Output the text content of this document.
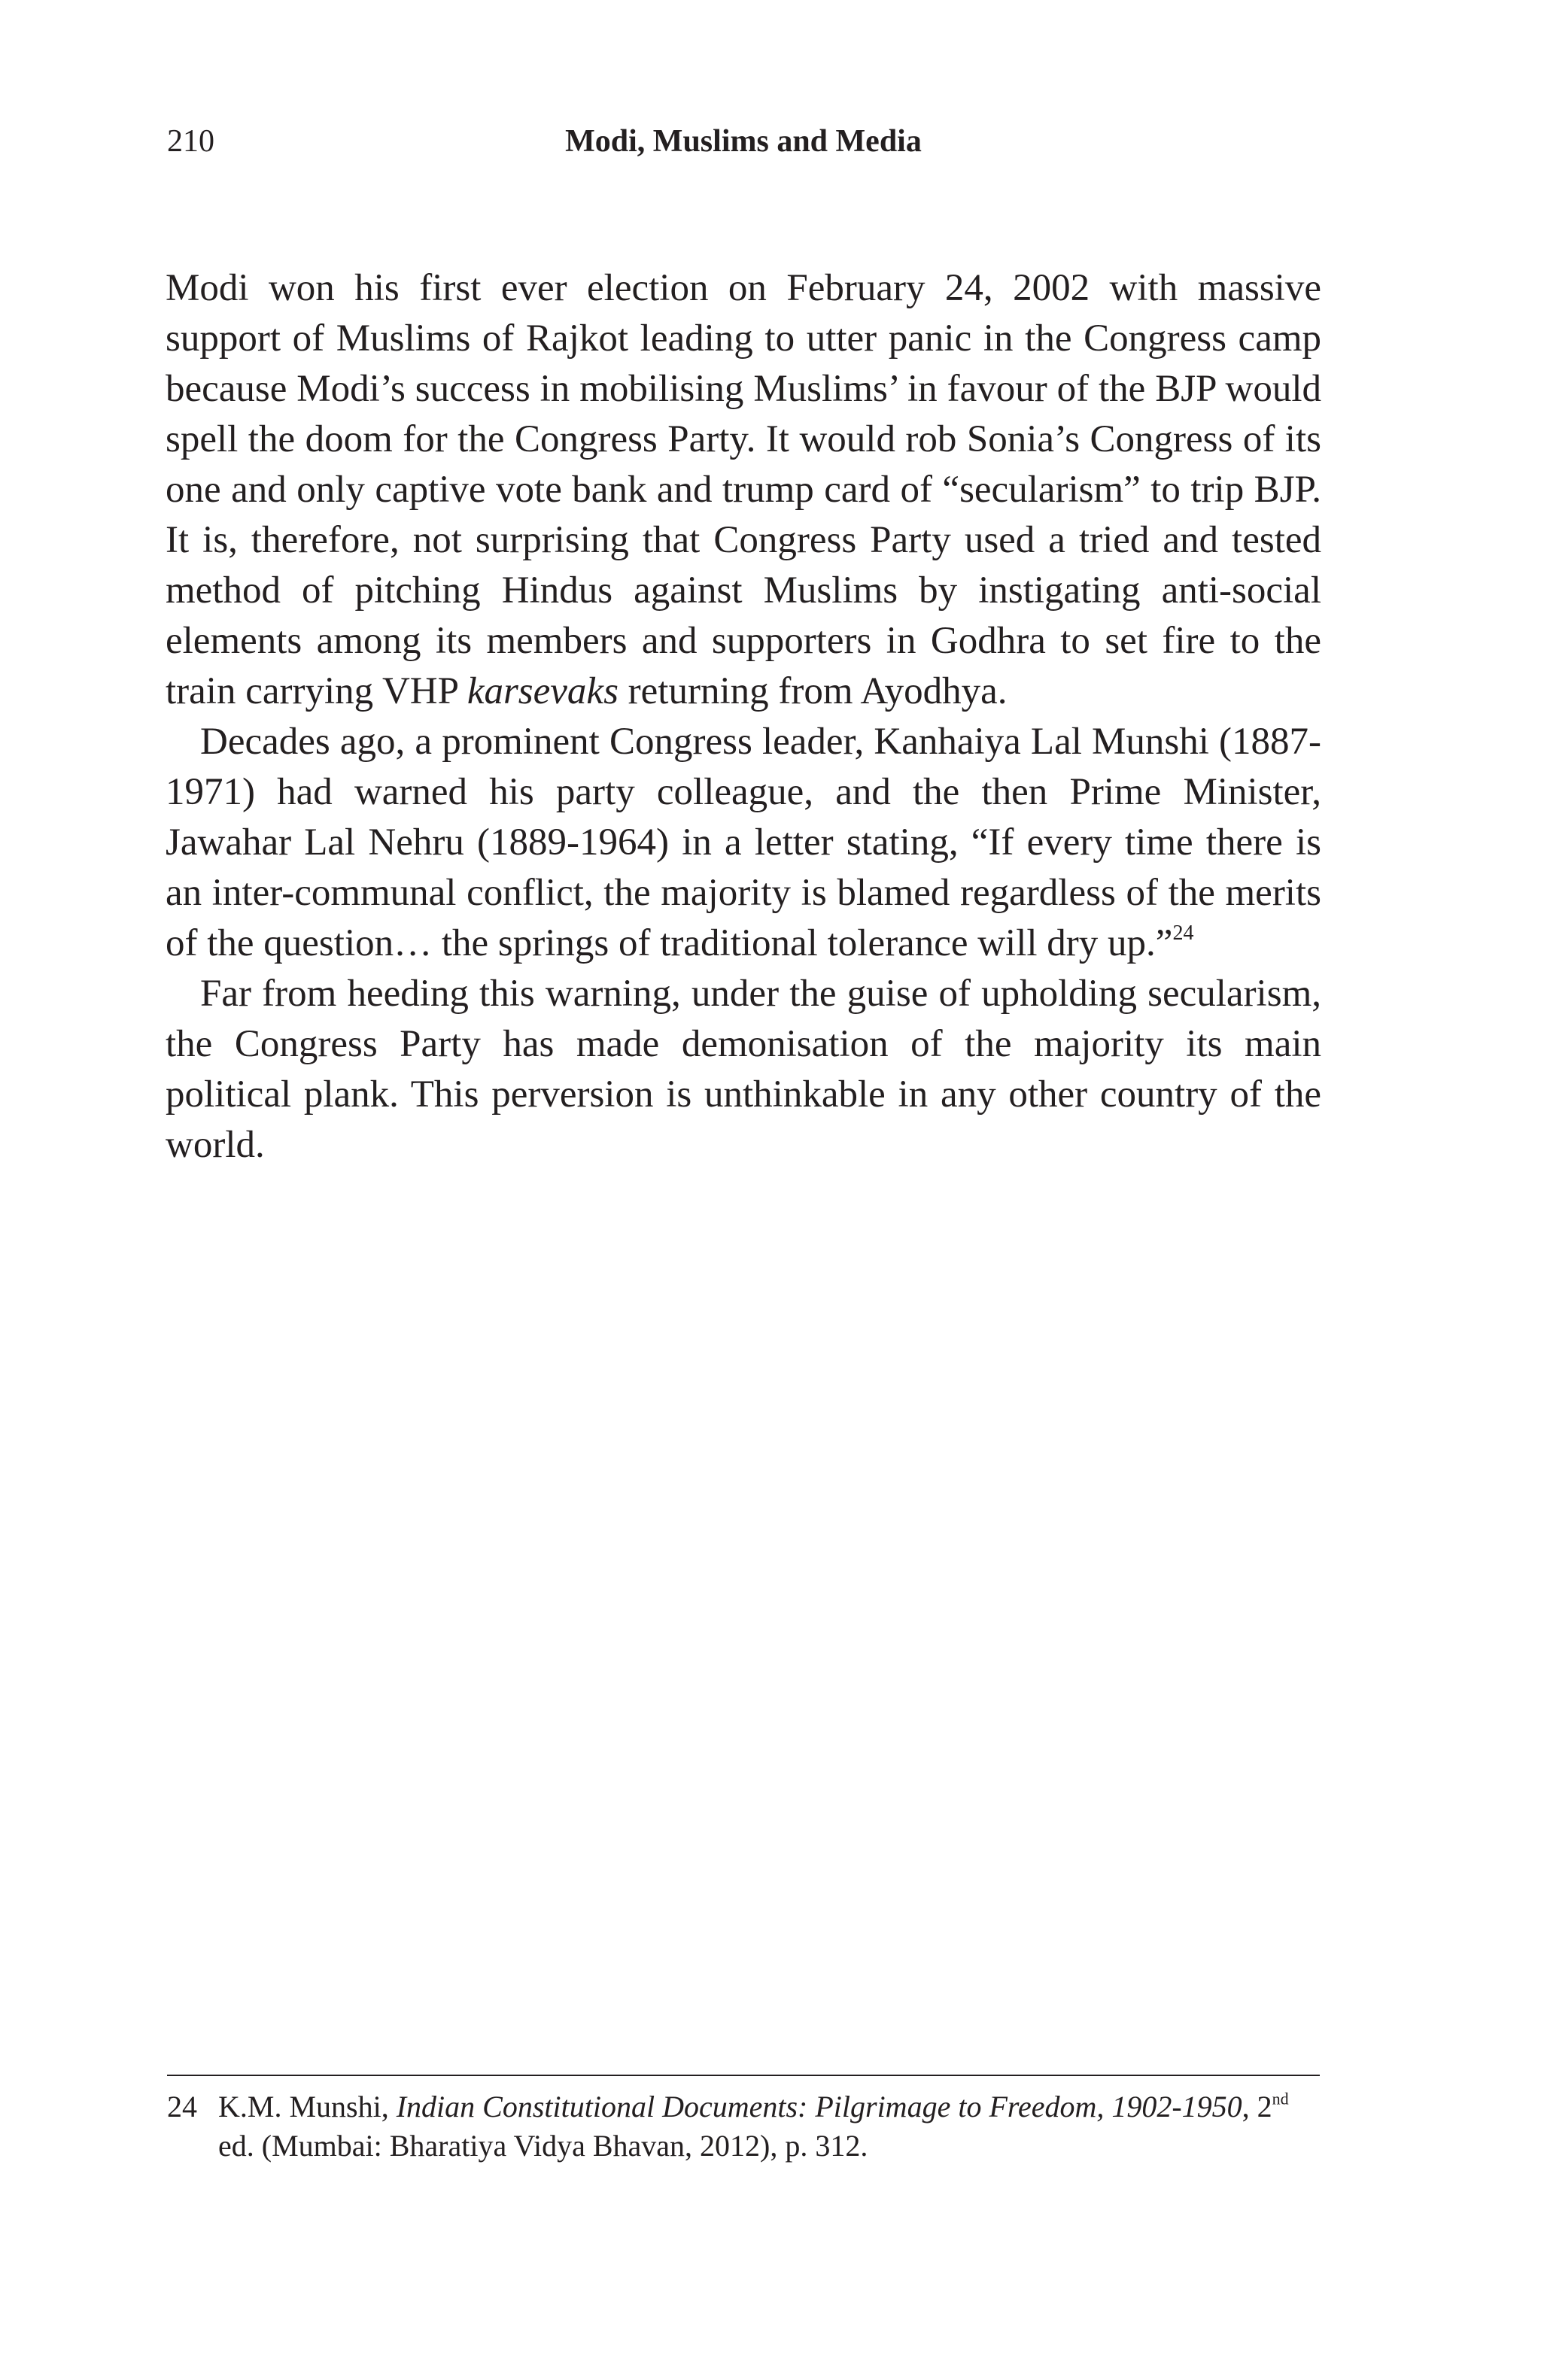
210	Modi, Muslims and Media

Modi won his first ever election on February 24, 2002 with massive support of Muslims of Rajkot leading to utter panic in the Congress camp because Modi’s success in mobilising Muslims’ in favour of the BJP would spell the doom for the Congress Party. It would rob Sonia’s Congress of its one and only captive vote bank and trump card of “secularism” to trip BJP. It is, therefore, not surprising that Congress Party used a tried and tested method of pitching Hindus against Muslims by instigating anti-social elements among its members and supporters in Godhra to set fire to the train carrying VHP karsevaks returning from Ayodhya.

Decades ago, a prominent Congress leader, Kanhaiya Lal Munshi (1887-1971) had warned his party colleague, and the then Prime Minister, Jawahar Lal Nehru (1889-1964) in a letter stating, “If every time there is an inter-communal conflict, the majority is blamed regardless of the merits of the question… the springs of traditional tolerance will dry up.”$^{24}$

Far from heeding this warning, under the guise of upholding secularism, the Congress Party has made demonisation of the majority its main political plank. This perversion is unthinkable in any other country of the world.

24 K.M. Munshi, Indian Constitutional Documents: Pilgrimage to Freedom, 1902-1950, 2nd ed. (Mumbai: Bharatiya Vidya Bhavan, 2012), p. 312.
